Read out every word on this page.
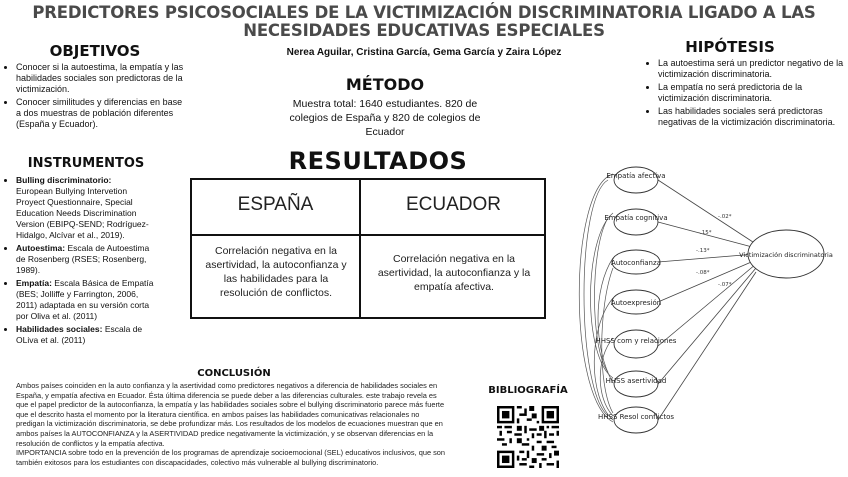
PREDICTORES PSICOSOCIALES DE LA VICTIMIZACIÓN DISCRIMINATORIA LIGADO A LAS NECESIDADES EDUCATIVAS ESPECIALES
Nerea Aguilar, Cristina García, Gema García y Zaira López
OBJETIVOS
• Conocer si la autoestima, la empatía y las habilidades sociales son predictoras de la victimización.
• Conocer similitudes y diferencias en base a dos muestras de población diferentes (España y Ecuador).
INSTRUMENTOS
• Bulling discriminatorio:
European Bullying Intervetion Proyect Questionnaire, Special Education Needs Discrimination Version (EBIPQ-SEND; Rodríguez-Hidalgo, Alcívar et al., 2019).
• Autoestima: Escala de Autoestima de Rosenberg (RSES; Rosenberg, 1989).
• Empatía: Escala Básica de Empatía (BES; Jolliffe y Farrington, 2006, 2011) adaptada en su versión corta por Oliva et al. (2011)
• Habilidades sociales: Escala de OLiva et al. (2011)
MÉTODO
Muestra total: 1640 estudiantes. 820 de colegios de España y 820 de colegios de Ecuador
RESULTADOS
ESPAÑA	ECUADOR
Correlación negativa en la asertividad, la autoconfianza y las habilidades para la resolución de conflictos.
Correlación negativa en la asertividad, la autoconfianza y la empatía afectiva.
HIPÓTESIS
• La autoestima será un predictor negativo de la victimización discriminatoria.
• La empatía no será predictoria de la victimización discriminatoria.
• Las habilidades sociales será predictoras negativas de la victimización discriminatoria.
Empatía afectiva
Empatía cognitiva
Autoconfianza
Autoexpresión
HHSS com y relaciones
HHSS asertividad
HHSS Resol conflictos
Victimización discriminatoria
-.02*
-.15*
-.13*
-.08*
-.07*
CONCLUSIÓN
Ambos países coinciden en la auto confianza y la asertividad como predictores negativos a diferencia de habilidades sociales en España, y empatía afectiva en Ecuador. Ésta última diferencia se puede deber a las diferencias culturales. este trabajo revela es que el papel predictor de la autoconfianza, la empatía y las habilidades sociales sobre el bullying discriminatorio parece más fuerte que el descrito hasta el momento por la literatura científica. en ambos países las habilidades comunicativas relacionales no predigan la victimización discriminatoria, se debe profundizar más. Los resultados de los modelos de ecuaciones muestran que en ambos países la AUTOCONFIANZA y la ASERTIVIDAD predice negativamente la victimización, y se observan diferencias en la resolución de conflictos y la empatía afectiva.
IMPORTANCIA sobre todo en la prevención de los programas de aprendizaje socioemocional (SEL) educativos inclusivos, que son también exitosos para los estudiantes con discapacidades, colectivo más vulnerable al bullying discriminatorio.
BIBLIOGRAFÍA
